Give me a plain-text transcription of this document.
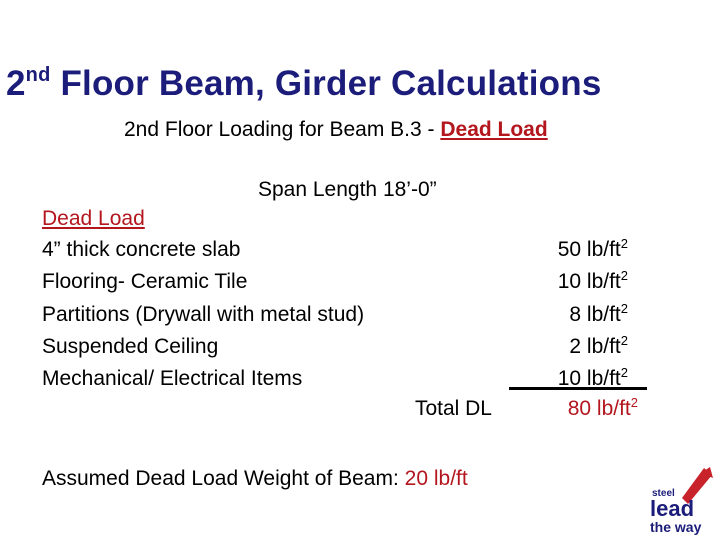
2nd Floor Beam, Girder Calculations
2nd Floor Loading for Beam B.3 - Dead Load
Span Length 18’-0”
Dead Load
4” thick concrete slab	50 $lb/ft^2$
Flooring- Ceramic Tile	10 $lb/ft^2$
Partitions (Drywall with metal stud)	8 $lb/ft^2$
Suspended Ceiling	2 $lb/ft^2$
Mechanical/ Electrical Items	10 $lb/ft^2$
Total DL	80 $lb/ft^2$
Assumed Dead Load Weight of Beam: 20 lb/ft
steel
lead
the way
